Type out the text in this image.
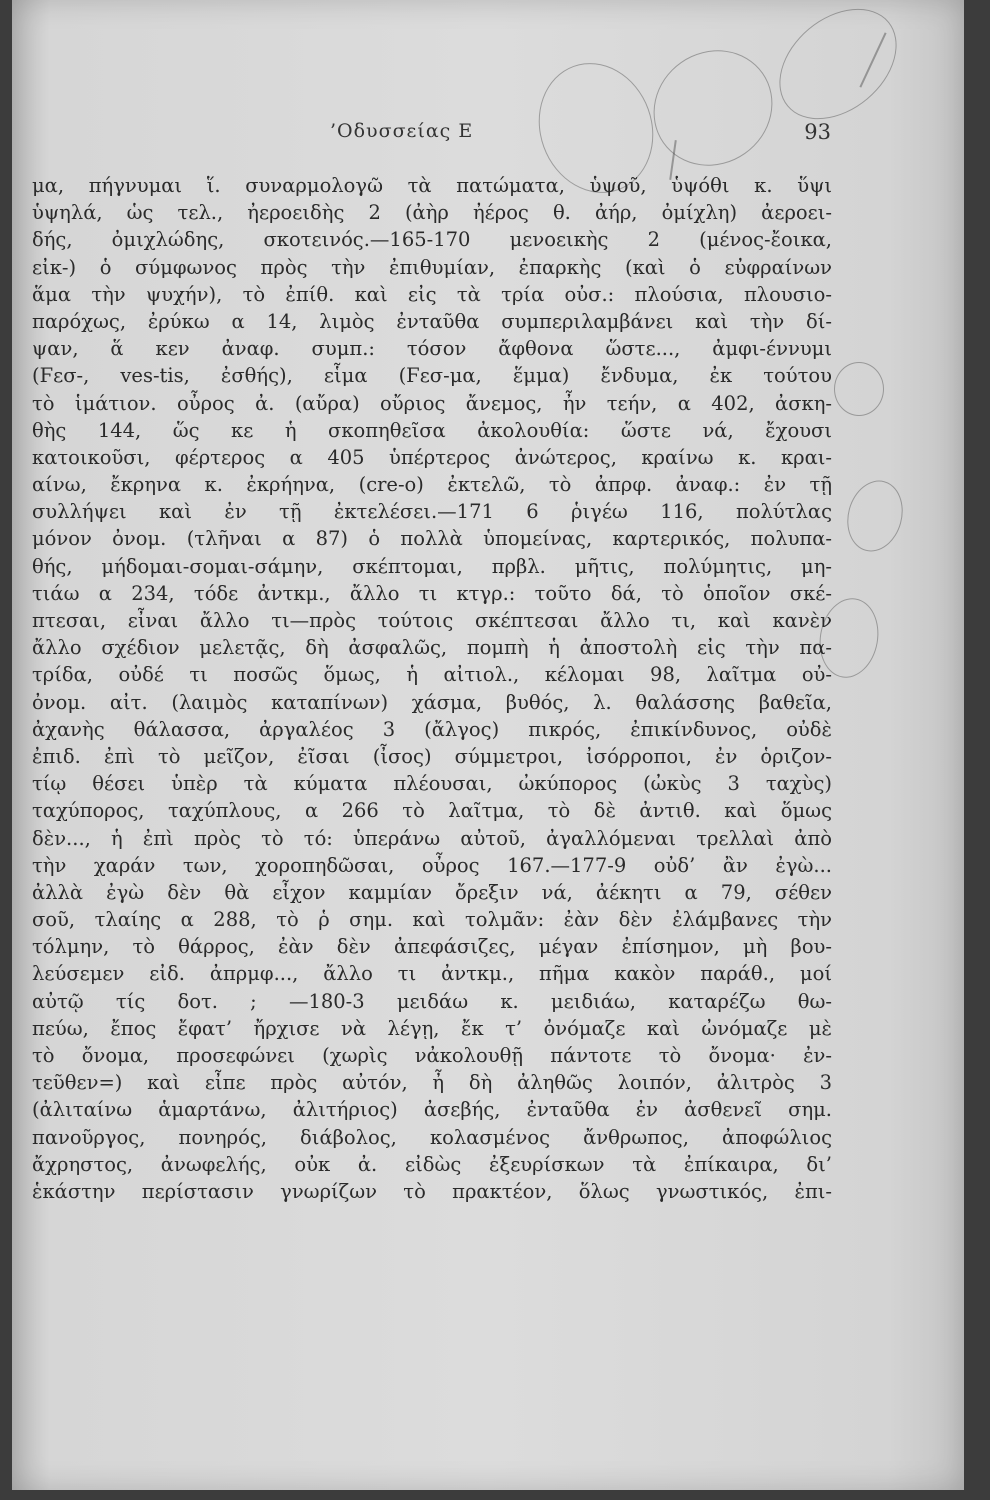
’Οδυσσείας Ε	93
μα, πήγνυμαι ἵ. συναρμολογῶ τὰ πατώματα, ὑψοῦ, ὑψόθι κ. ὕψι
ὑψηλά, ὡς τελ., ἠεροειδὴς 2 (ἀὴρ ἠέρος θ. ἀήρ, ὀμίχλη) ἀεροει-
δής, ὀμιχλώδης, σκοτεινός.—165-170 μενοεικὴς 2 (μένος-ἔοικα,
εἰκ-) ὁ σύμφωνος πρὸς τὴν ἐπιθυμίαν, ἐπαρκὴς (καὶ ὁ εὐφραίνων
ἅμα τὴν ψυχήν), τὸ ἐπίθ. καὶ εἰς τὰ τρία οὐσ.: πλούσια, πλουσιο-
παρόχως, ἐρύκω α 14, λιμὸς ἐνταῦθα συμπεριλαμβάνει καὶ τὴν δί-
ψαν, ἅ κεν ἀναφ. συμπ.: τόσον ἄφθονα ὥστε..., ἀμφι-έννυμι
(Ϝεσ-, ves-tis, ἐσθής), εἷμα (Ϝεσ-μα, ἕμμα) ἔνδυμα, ἐκ τούτου
τὸ ἱμάτιον. οὖρος ἀ. (αὔρα) οὔριος ἄνεμος, ἦν τεήν, α 402, ἀσκη-
θὴς 144, ὥς κε ἡ σκοπηθεῖσα ἀκολουθία: ὥστε νά, ἔχουσι
κατοικοῦσι, φέρτερος α 405 ὑπέρτερος ἀνώτερος, κραίνω κ. κραι-
αίνω, ἔκρηνα κ. ἐκρήηνα, (cre-o) ἐκτελῶ, τὸ ἀπρφ. ἀναφ.: ἐν τῇ
συλλήψει καὶ ἐν τῇ ἐκτελέσει.—171 6 ῥιγέω 116, πολύτλας
μόνον ὀνομ. (τλῆναι α 87) ὁ πολλὰ ὑπομείνας, καρτερικός, πολυπα-
θής, μήδομαι-σομαι-σάμην, σκέπτομαι, πρβλ. μῆτις, πολύμητις, μη-
τιάω α 234, τόδε ἀντκμ., ἄλλο τι κτγρ.: τοῦτο δά, τὸ ὁποῖον σκέ-
πτεσαι, εἶναι ἄλλο τι—πρὸς τούτοις σκέπτεσαι ἄλλο τι, καὶ κανὲν
ἄλλο σχέδιον μελετᾷς, δὴ ἀσφαλῶς, πομπὴ ἡ ἀποστολὴ εἰς τὴν πα-
τρίδα, οὐδέ τι ποσῶς ὅμως, ἡ αἰτιολ., κέλομαι 98, λαῖτμα οὐ-
ὀνομ. αἰτ. (λαιμὸς καταπίνων) χάσμα, βυθός, λ. θαλάσσης βαθεῖα,
ἀχανὴς θάλασσα, ἀργαλέος 3 (ἄλγος) πικρός, ἐπικίνδυνος, οὐδὲ
ἐπιδ. ἐπὶ τὸ μεῖζον, ἐῖσαι (ἶσος) σύμμετροι, ἰσόρροποι, ἐν ὁριζον-
τίῳ θέσει ὑπὲρ τὰ κύματα πλέουσαι, ὠκύπορος (ὠκὺς 3 ταχὺς)
ταχύπορος, ταχύπλους, α 266 τὸ λαῖτμα, τὸ δὲ ἀντιθ. καὶ ὅμως
δὲν..., ἡ ἐπὶ πρὸς τὸ τό: ὑπεράνω αὐτοῦ, ἀγαλλόμεναι τρελλαὶ ἀπὸ
τὴν χαράν των, χοροπηδῶσαι, οὖρος 167.—177-9 οὐδ’ ἂν ἐγὼ...
ἀλλὰ ἐγὼ δὲν θὰ εἶχον καμμίαν ὄρεξιν νά, ἀέκητι α 79, σέθεν
σοῦ, τλαίης α 288, τὸ ῥ σημ. καὶ τολμᾶν: ἐὰν δὲν ἐλάμβανες τὴν
τόλμην, τὸ θάρρος, ἐὰν δὲν ἀπεφάσιζες, μέγαν ἐπίσημον, μὴ βου-
λεύσεμεν εἰδ. ἀπρμφ..., ἄλλο τι ἀντκμ., πῆμα κακὸν παράθ., μοί
αὐτῷ τίς δοτ. ; —180-3 μειδάω κ. μειδιάω, καταρέζω θω-
πεύω, ἔπος ἔφατ’ ἤρχισε νὰ λέγῃ, ἔκ τ’ ὀνόμαζε καὶ ὠνόμαζε μὲ
τὸ ὄνομα, προσεφώνει (χωρὶς νἀκολουθῇ πάντοτε τὸ ὄνομα· ἐν-
τεῦθεν=) καὶ εἶπε πρὸς αὐτόν, ἦ δὴ ἀληθῶς λοιπόν, ἀλιτρὸς 3
(ἀλιταίνω ἁμαρτάνω, ἀλιτήριος) ἀσεβής, ἐνταῦθα ἐν ἀσθενεῖ σημ.
πανοῦργος, πονηρός, διάβολος, κολασμένος ἄνθρωπος, ἀποφώλιος
ἄχρηστος, ἀνωφελής, οὐκ ἀ. εἰδὼς ἐξευρίσκων τὰ ἐπίκαιρα, δι’
ἑκάστην περίστασιν γνωρίζων τὸ πρακτέον, ὅλως γνωστικός, ἐπι-
